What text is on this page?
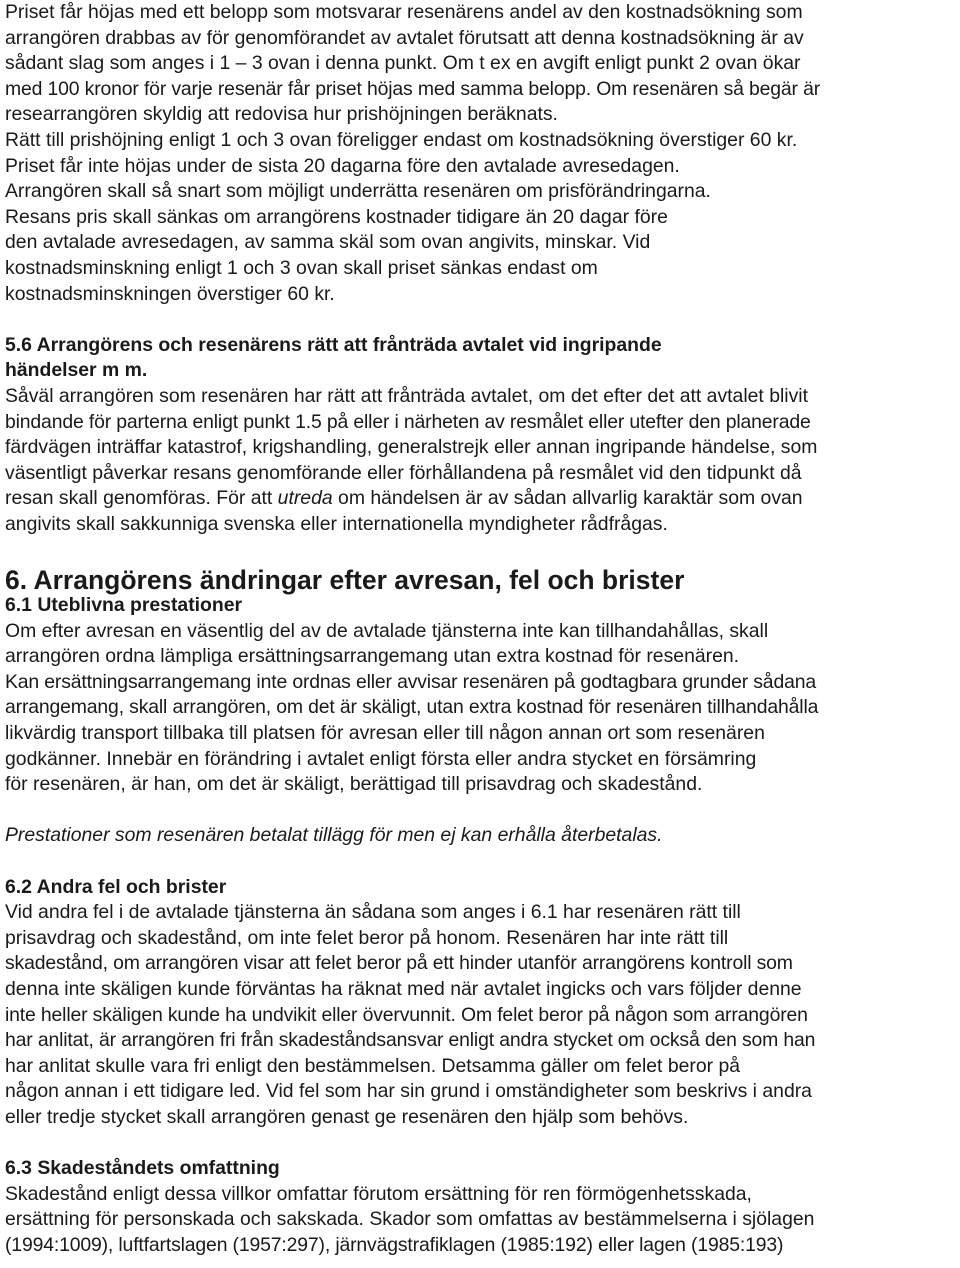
Priset får höjas med ett belopp som motsvarar resenärens andel av den kostnadsökning som
arrangören drabbas av för genomförandet av avtalet förutsatt att denna kostnadsökning är av
sådant slag som anges i 1 – 3 ovan i denna punkt. Om t ex en avgift enligt punkt 2 ovan ökar
med 100 kronor för varje resenär får priset höjas med samma belopp. Om resenären så begär är
researrangören skyldig att redovisa hur prishöjningen beräknats.
Rätt till prishöjning enligt 1 och 3 ovan föreligger endast om kostnadsökning överstiger 60 kr.
Priset får inte höjas under de sista 20 dagarna före den avtalade avresedagen.
Arrangören skall så snart som möjligt underrätta resenären om prisförändringarna.
Resans pris skall sänkas om arrangörens kostnader tidigare än 20 dagar före
den avtalade avresedagen, av samma skäl som ovan angivits, minskar. Vid
kostnadsminskning enligt 1 och 3 ovan skall priset sänkas endast om
kostnadsminskningen överstiger 60 kr.
5.6 Arrangörens och resenärens rätt att frånträda avtalet vid ingripande
händelser m m.
Såväl arrangören som resenären har rätt att frånträda avtalet, om det efter det att avtalet blivit
bindande för parterna enligt punkt 1.5 på eller i närheten av resmålet eller utefter den planerade
färdvägen inträffar katastrof, krigshandling, generalstrejk eller annan ingripande händelse, som
väsentligt påverkar resans genomförande eller förhållandena på resmålet vid den tidpunkt då
resan skall genomföras. För att utreda om händelsen är av sådan allvarlig karaktär som ovan
angivits skall sakkunniga svenska eller internationella myndigheter rådfrågas.
6. Arrangörens ändringar efter avresan, fel och brister
6.1 Uteblivna prestationer
Om efter avresan en väsentlig del av de avtalade tjänsterna inte kan tillhandahållas, skall
arrangören ordna lämpliga ersättningsarrangemang utan extra kostnad för resenären.
Kan ersättningsarrangemang inte ordnas eller avvisar resenären på godtagbara grunder sådana
arrangemang, skall arrangören, om det är skäligt, utan extra kostnad för resenären tillhandahålla
likvärdig transport tillbaka till platsen för avresan eller till någon annan ort som resenären
godkänner. Innebär en förändring i avtalet enligt första eller andra stycket en försämring
för resenären, är han, om det är skäligt, berättigad till prisavdrag och skadestånd.
Prestationer som resenären betalat tillägg för men ej kan erhålla återbetalas.
6.2 Andra fel och brister
Vid andra fel i de avtalade tjänsterna än sådana som anges i 6.1 har resenären rätt till
prisavdrag och skadestånd, om inte felet beror på honom. Resenären har inte rätt till
skadestånd, om arrangören visar att felet beror på ett hinder utanför arrangörens kontroll som
denna inte skäligen kunde förväntas ha räknat med när avtalet ingicks och vars följder denne
inte heller skäligen kunde ha undvikit eller övervunnit. Om felet beror på någon som arrangören
har anlitat, är arrangören fri från skadeståndsansvar enligt andra stycket om också den som han
har anlitat skulle vara fri enligt den bestämmelsen. Detsamma gäller om felet beror på
någon annan i ett tidigare led. Vid fel som har sin grund i omständigheter som beskrivs i andra
eller tredje stycket skall arrangören genast ge resenären den hjälp som behövs.
6.3 Skadeståndets omfattning
Skadestånd enligt dessa villkor omfattar förutom ersättning för ren förmögenhetsskada,
ersättning för personskada och sakskada. Skador som omfattas av bestämmelserna i sjölagen
(1994:1009), luftfartslagen (1957:297), järnvägstrafiklagen (1985:192) eller lagen (1985:193)
